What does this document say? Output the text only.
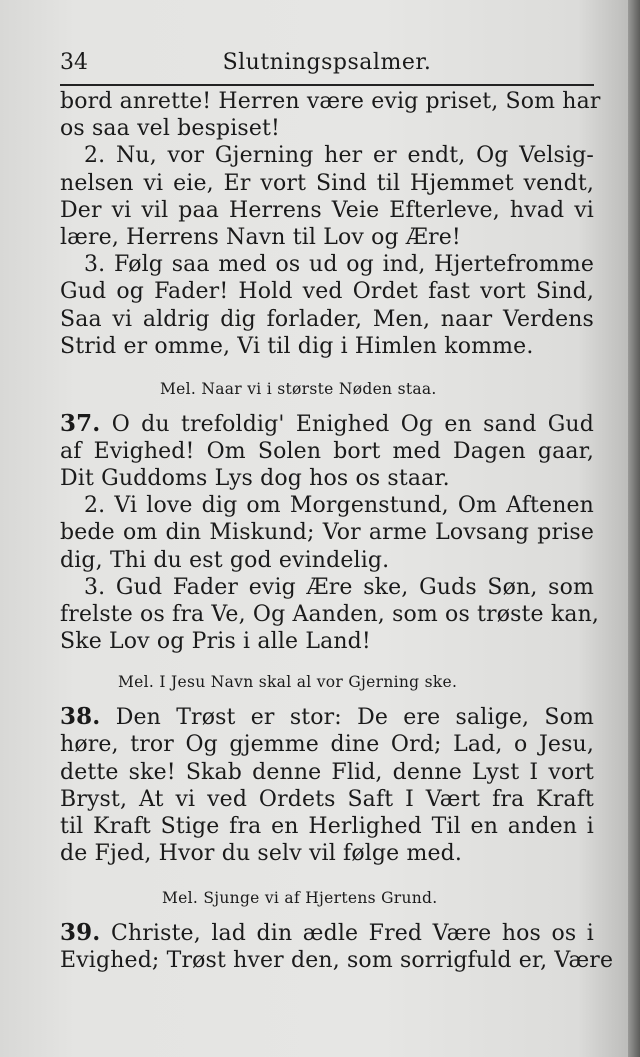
34	Slutningspsalmer.
bord anrette! Herren være evig priset, Som har
os saa vel bespiset!
2. Nu, vor Gjerning her er endt, Og Velsig-
nelsen vi eie, Er vort Sind til Hjemmet vendt,
Der vi vil paa Herrens Veie Efterleve, hvad vi
lære, Herrens Navn til Lov og Ære!
3. Følg saa med os ud og ind, Hjertefromme
Gud og Fader! Hold ved Ordet fast vort Sind,
Saa vi aldrig dig forlader, Men, naar Verdens
Strid er omme, Vi til dig i Himlen komme.
Mel. Naar vi i største Nøden staa.
37. O du trefoldig' Enighed Og en sand Gud
af Evighed! Om Solen bort med Dagen gaar,
Dit Guddoms Lys dog hos os staar.
2. Vi love dig om Morgenstund, Om Aftenen
bede om din Miskund; Vor arme Lovsang prise
dig, Thi du est god evindelig.
3. Gud Fader evig Ære ske, Guds Søn, som
frelste os fra Ve, Og Aanden, som os trøste kan,
Ske Lov og Pris i alle Land!
Mel. I Jesu Navn skal al vor Gjerning ske.
38. Den Trøst er stor: De ere salige, Som
høre, tror Og gjemme dine Ord; Lad, o Jesu,
dette ske! Skab denne Flid, denne Lyst I vort
Bryst, At vi ved Ordets Saft I Vært fra Kraft
til Kraft Stige fra en Herlighed Til en anden i
de Fjed, Hvor du selv vil følge med.
Mel. Sjunge vi af Hjertens Grund.
39. Christe, lad din ædle Fred Være hos os i
Evighed; Trøst hver den, som sorrigfuld er, Være
